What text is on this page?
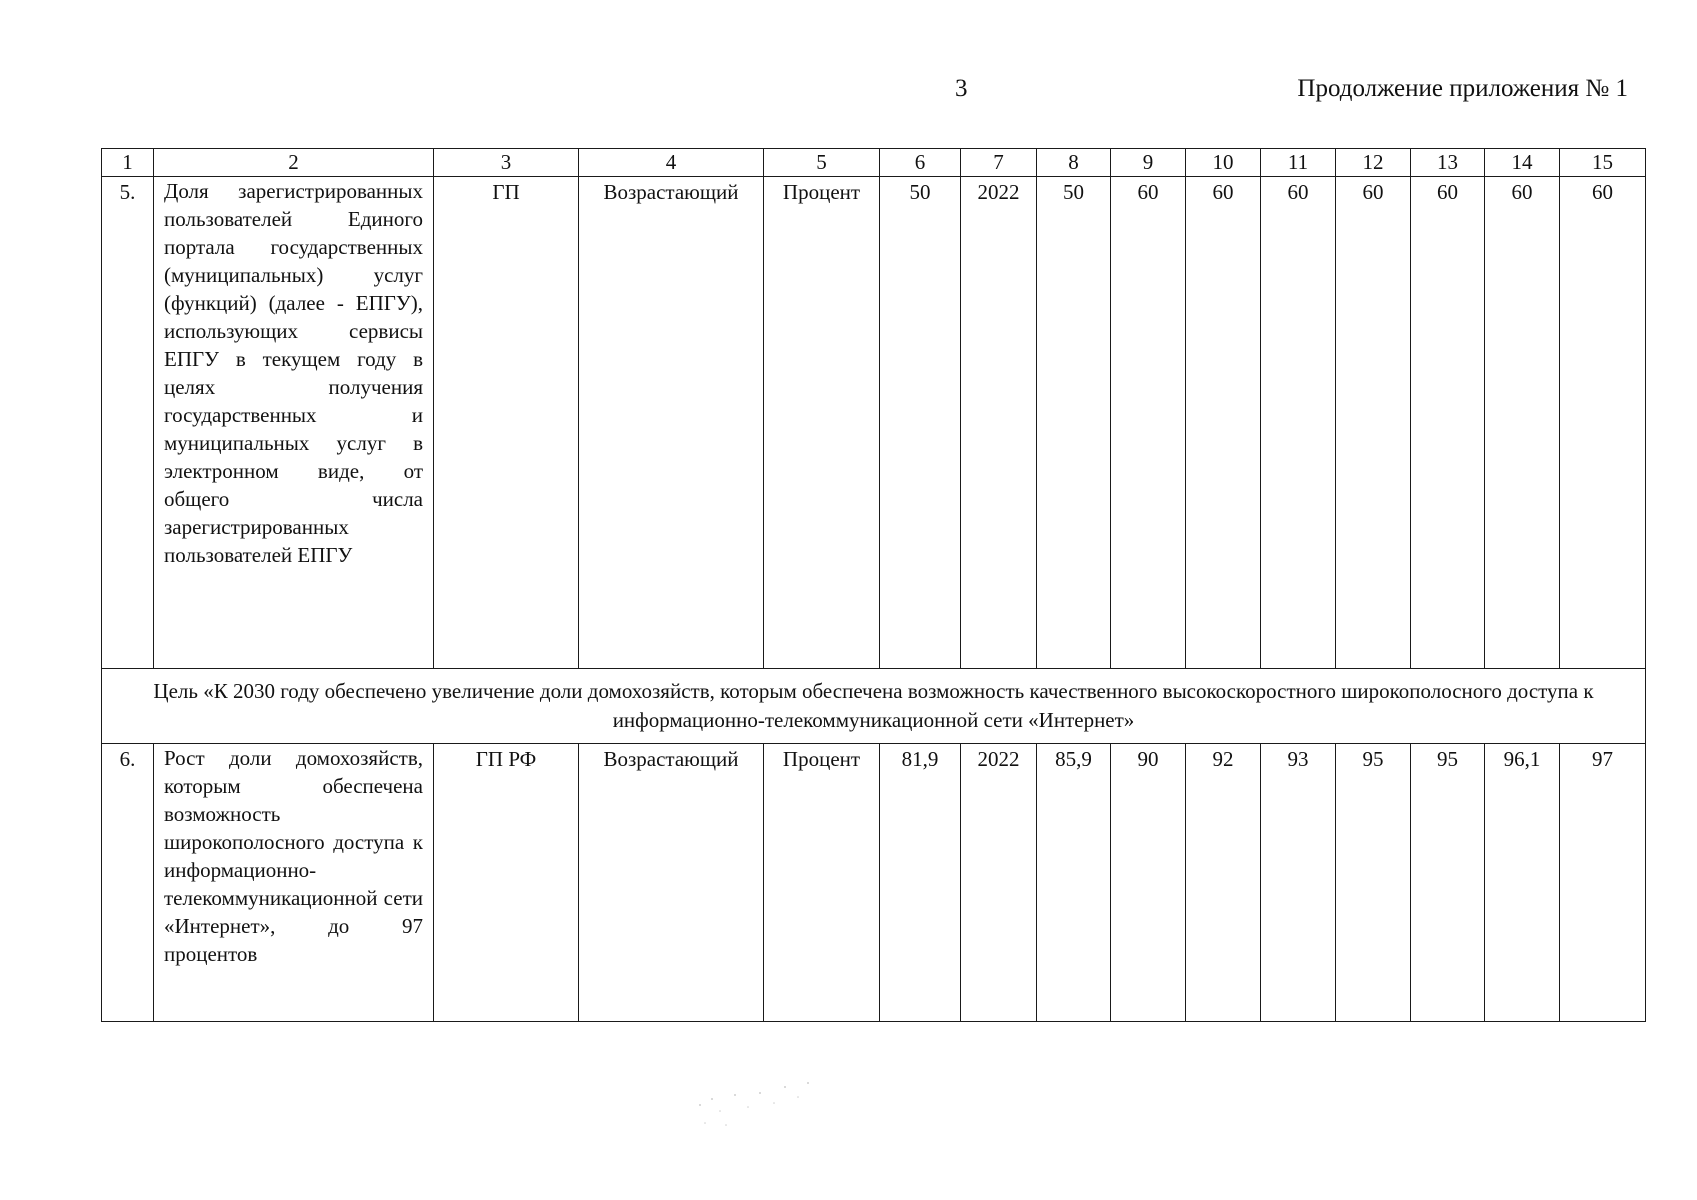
3	Продолжение приложения № 1
1	2	3	4	5	6	7	8	9	10	11	12	13	14	15
5.	Доля зарегистрированных пользователей Единого портала государственных (муниципальных) услуг (функций) (далее - ЕПГУ), использующих сервисы ЕПГУ в текущем году в целях получения государственных и муниципальных услуг в электронном виде, от общего числа зарегистрированных пользователей ЕПГУ	ГП	Возрастающий	Процент	50	2022	50	60	60	60	60	60	60	60
Цель «К 2030 году обеспечено увеличение доли домохозяйств, которым обеспечена возможность качественного высокоскоростного широкополосного доступа к информационно-телекоммуникационной сети «Интернет»														
6.	Рост доли домохозяйств, которым обеспечена возможность широкополосного доступа к информационно-телекоммуникационной сети «Интернет», до 97 процентов	ГП РФ	Возрастающий	Процент	81,9	2022	85,9	90	92	93	95	95	96,1	97
